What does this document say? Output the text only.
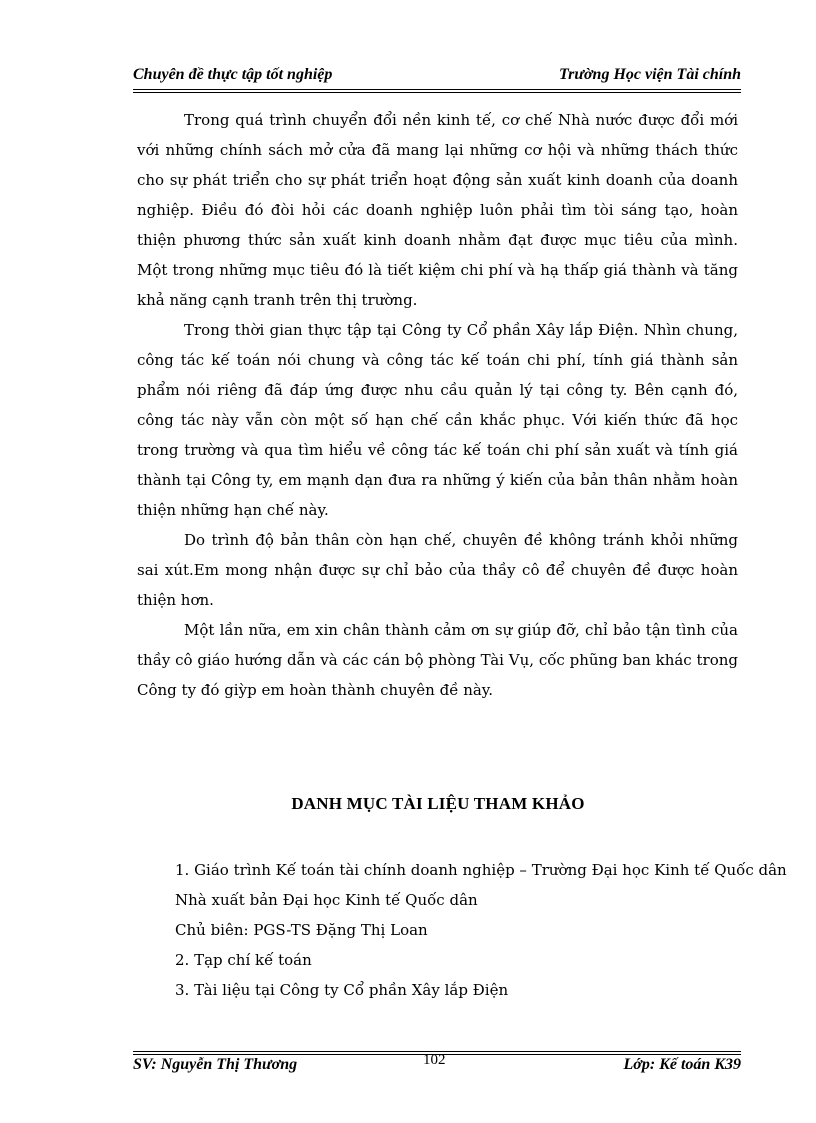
Chuyên đề thực tập tốt nghiệp	Trường Học viện Tài chính

Trong quá trình chuyển đổi nền kinh tế, cơ chế Nhà nước được đổi mới với những chính sách mở cửa đã mang lại những cơ hội và những thách thức cho sự phát triển cho sự phát triển hoạt động sản xuất kinh doanh của doanh nghiệp. Điều đó đòi hỏi các doanh nghiệp luôn phải tìm tòi sáng tạo, hoàn thiện phương thức sản xuất kinh doanh nhằm đạt được mục tiêu của mình. Một trong những mục tiêu đó là tiết kiệm chi phí và hạ thấp giá thành và tăng khả năng cạnh tranh trên thị trường.

Trong thời gian thực tập tại Công ty Cổ phần Xây lắp Điện. Nhìn chung, công tác kế toán nói chung và công tác kế toán chi phí, tính giá thành sản phẩm nói riêng đã đáp ứng được nhu cầu quản lý tại công ty. Bên cạnh đó, công tác này vẫn còn một số hạn chế cần khắc phục. Với kiến thức đã học trong trường và qua tìm hiểu về công tác kế toán chi phí sản xuất và tính giá thành tại Công ty, em mạnh dạn đưa ra những ý kiến của bản thân nhằm hoàn thiện những hạn chế này.

Do trình độ bản thân còn hạn chế, chuyên đề không tránh khỏi những sai xút.Em mong nhận được sự chỉ bảo của thầy cô để chuyên đề được hoàn thiện hơn.

Một lần nữa, em xin chân thành cảm ơn sự giúp đỡ, chỉ bảo tận tình của thầy cô giáo hướng dẫn và các cán bộ phòng Tài Vụ, cốc phũng ban khác trong Công ty đó giỳp em hoàn thành chuyên đề này.

DANH MỤC TÀI LIỆU THAM KHẢO
1. Giáo trình Kế toán tài chính doanh nghiệp – Trường Đại học Kinh tế Quốc dân
Nhà xuất bản Đại học Kinh tế Quốc dân
Chủ biên: PGS-TS Đặng Thị Loan
2. Tạp chí kế toán
3. Tài liệu tại Công ty Cổ phần Xây lắp Điện
SV: Nguyễn Thị Thương	102	Lớp: Kế toán K39
